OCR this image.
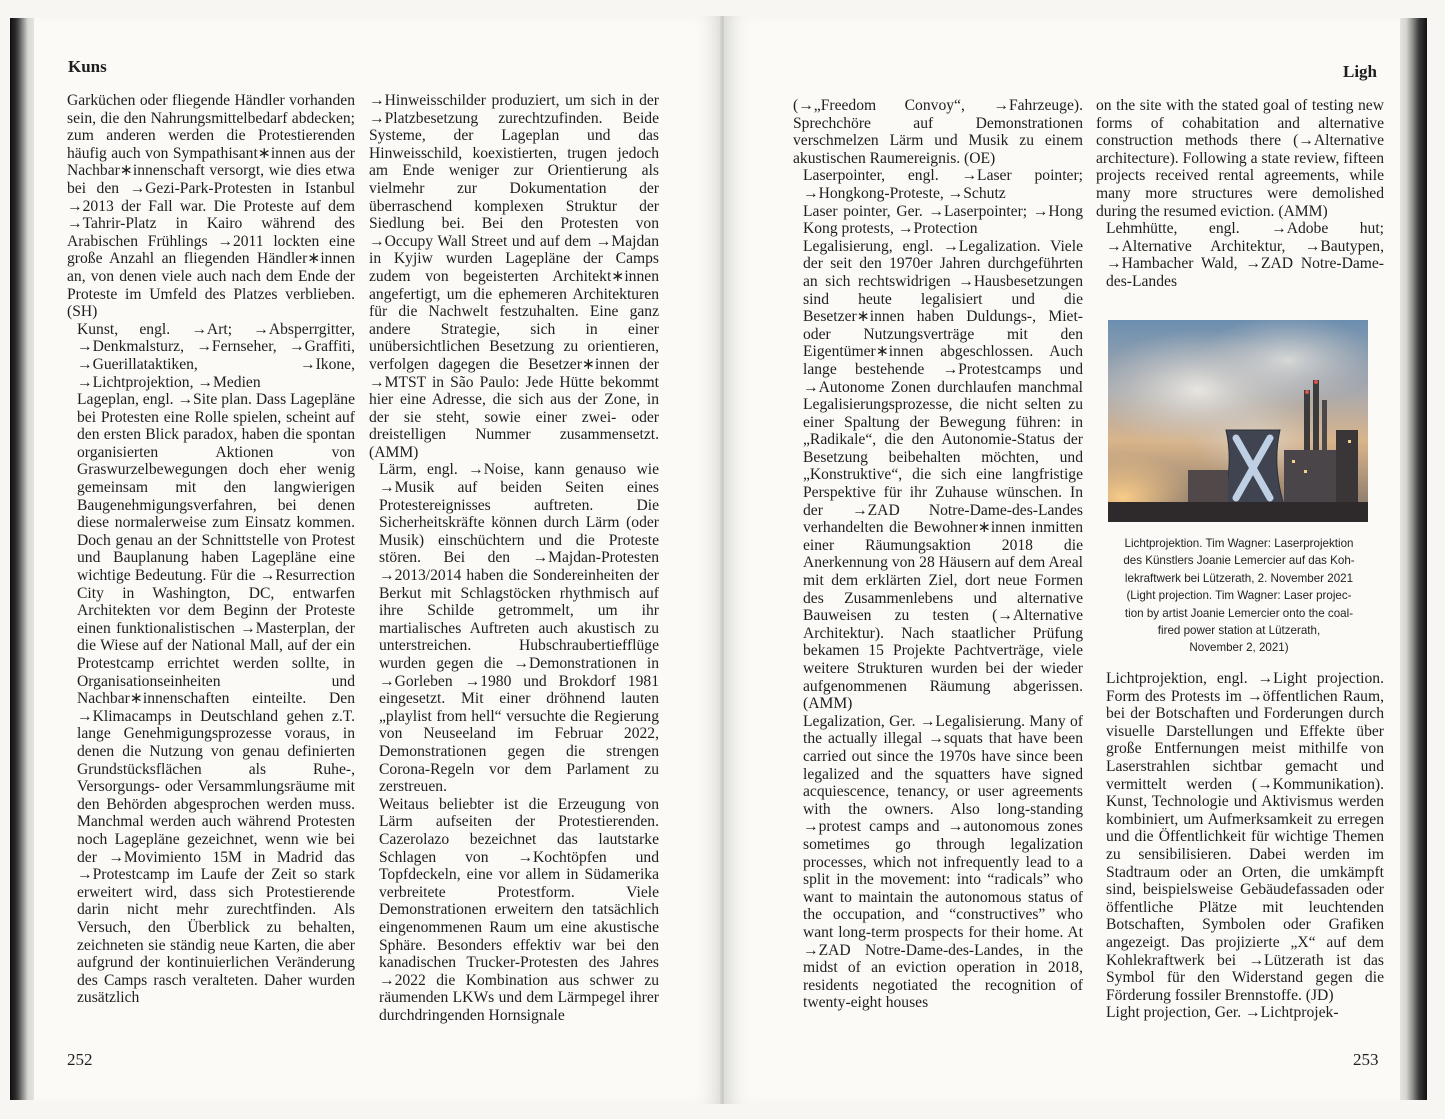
Kuns

Garküchen oder fliegende Händler vorhanden sein, die den Nahrungsmittelbedarf abdecken; zum anderen werden die Protestierenden häufig auch von Sympathisant∗innen aus der Nachbar∗innenschaft versorgt, wie dies etwa bei den →Gezi-Park-Protesten in Istanbul →2013 der Fall war. Die Proteste auf dem →Tahrir-Platz in Kairo während des Arabischen Frühlings →2011 lockten eine große Anzahl an fliegenden Händler∗innen an, von denen viele auch nach dem Ende der Proteste im Umfeld des Platzes verblieben. (SH)

Kunst, engl. →Art; →Absperrgitter, →Denkmalsturz, →Fernseher, →Graffiti, →Guerillataktiken, →Ikone, →Lichtprojektion, →Medien

Lageplan, engl. →Site plan. Dass Lagepläne bei Protesten eine Rolle spielen, scheint auf den ersten Blick paradox, haben die spontan organisierten Aktionen von Graswurzelbewegungen doch eher wenig gemeinsam mit den langwierigen Baugenehmigungsverfahren, bei denen diese normalerweise zum Einsatz kommen. Doch genau an der Schnittstelle von Protest und Bauplanung haben Lagepläne eine wichtige Bedeutung. Für die →Resurrection City in Washington, DC, entwarfen Architekten vor dem Beginn der Proteste einen funktionalistischen →Masterplan, der die Wiese auf der National Mall, auf der ein Protestcamp errichtet werden sollte, in Organisationseinheiten und Nachbar∗innenschaften einteilte. Den →Klimacamps in Deutschland gehen z.T. lange Genehmigungsprozesse voraus, in denen die Nutzung von genau definierten Grundstücksflächen als Ruhe-, Versorgungs- oder Versammlungsräume mit den Behörden abgesprochen werden muss. Manchmal werden auch während Protesten noch Lagepläne gezeichnet, wenn wie bei der →Movimiento 15M in Madrid das →Protestcamp im Laufe der Zeit so stark erweitert wird, dass sich Protestierende darin nicht mehr zurechtfinden. Als Versuch, den Überblick zu behalten, zeichneten sie ständig neue Karten, die aber aufgrund der kontinuierlichen Veränderung des Camps rasch veralteten. Daher wurden zusätzlich

→Hinweisschilder produziert, um sich in der →Platzbesetzung zurechtzufinden. Beide Systeme, der Lageplan und das Hinweisschild, koexistierten, trugen jedoch am Ende weniger zur Orientierung als vielmehr zur Dokumentation der überraschend komplexen Struktur der Siedlung bei. Bei den Protesten von →Occupy Wall Street und auf dem →Majdan in Kyjiw wurden Lagepläne der Camps zudem von begeisterten Architekt∗innen angefertigt, um die ephemeren Architekturen für die Nachwelt festzuhalten. Eine ganz andere Strategie, sich in einer unübersichtlichen Besetzung zu orientieren, verfolgen dagegen die Besetzer∗innen der →MTST in São Paulo: Jede Hütte bekommt hier eine Adresse, die sich aus der Zone, in der sie steht, sowie einer zwei- oder dreistelligen Nummer zusammensetzt. (AMM)

Lärm, engl. →Noise, kann genauso wie →Musik auf beiden Seiten eines Protestereignisses auftreten. Die Sicherheitskräfte können durch Lärm (oder Musik) einschüchtern und die Proteste stören. Bei den →Majdan-Protesten →2013/2014 haben die Sondereinheiten der Berkut mit Schlagstöcken rhythmisch auf ihre Schilde getrommelt, um ihr martialisches Auftreten auch akustisch zu unterstreichen. Hubschraubertiefflüge wurden gegen die →Demonstrationen in →Gorleben →1980 und Brokdorf 1981 eingesetzt. Mit einer dröhnend lauten „playlist from hell“ versuchte die Regierung von Neuseeland im Februar 2022, Demonstrationen gegen die strengen Corona-Regeln vor dem Parlament zu zerstreuen.

Weitaus beliebter ist die Erzeugung von Lärm aufseiten der Protestierenden. Cazerolazo bezeichnet das lautstarke Schlagen von →Kochtöpfen und Topfdeckeln, eine vor allem in Südamerika verbreitete Protestform. Viele Demonstrationen erweitern den tatsächlich eingenommenen Raum um eine akustische Sphäre. Besonders effektiv war bei den kanadischen Trucker-Protesten des Jahres →2022 die Kombination aus schwer zu räumenden LKWs und dem Lärmpegel ihrer durchdringenden Hornsignale

252
Ligh

(→„Freedom Convoy“, →Fahrzeuge). Sprechchöre auf Demonstrationen verschmelzen Lärm und Musik zu einem akustischen Raumereignis. (OE)

Laserpointer, engl. →Laser pointer; →Hongkong-Proteste, →Schutz

Laser pointer, Ger. →Laserpointer; →Hong Kong protests, →Protection

Legalisierung, engl. →Legalization. Viele der seit den 1970er Jahren durchgeführten an sich rechtswidrigen →Hausbesetzungen sind heute legalisiert und die Besetzer∗innen haben Duldungs-, Miet- oder Nutzungsverträge mit den Eigentümer∗innen abgeschlossen. Auch lange bestehende →Protestcamps und →Autonome Zonen durchlaufen manchmal Legalisierungsprozesse, die nicht selten zu einer Spaltung der Bewegung führen: in „Radikale“, die den Autonomie-Status der Besetzung beibehalten möchten, und „Konstruktive“, die sich eine langfristige Perspektive für ihr Zuhause wünschen. In der →ZAD Notre-Dame-des-Landes verhandelten die Bewohner∗innen inmitten einer Räumungsaktion 2018 die Anerkennung von 28 Häusern auf dem Areal mit dem erklärten Ziel, dort neue Formen des Zusammenlebens und alternative Bauweisen zu testen (→Alternative Architektur). Nach staatlicher Prüfung bekamen 15 Projekte Pachtverträge, viele weitere Strukturen wurden bei der wieder aufgenommenen Räumung abgerissen. (AMM)

Legalization, Ger. →Legalisierung. Many of the actually illegal →squats that have been carried out since the 1970s have since been legalized and the squatters have signed acquiescence, tenancy, or user agreements with the owners. Also long-standing →protest camps and →autonomous zones sometimes go through legalization processes, which not infrequently lead to a split in the movement: into “radicals” who want to maintain the autonomous status of the occupation, and “constructives” who want long-term prospects for their home. At →ZAD Notre-Dame-des-Landes, in the midst of an eviction operation in 2018, residents negotiated the recognition of twenty-eight houses

on the site with the stated goal of testing new forms of cohabitation and alternative construction methods there (→Alternative architecture). Following a state review, fifteen projects received rental agreements, while many more structures were demolished during the resumed eviction. (AMM)

Lehmhütte, engl. →Adobe hut; →Alternative Architektur, →Bautypen, →Hambacher Wald, →ZAD Notre-Dame-des-Landes

Lichtprojektion. Tim Wagner: Laserprojektion
des Künstlers Joanie Lemercier auf das Koh-
lekraftwerk bei Lützerath, 2. November 2021
(Light projection. Tim Wagner: Laser projec-
tion by artist Joanie Lemercier onto the coal-
fired power station at Lützerath,
November 2, 2021)

Lichtprojektion, engl. →Light projection. Form des Protests im →öffentlichen Raum, bei der Botschaften und Forderungen durch visuelle Darstellungen und Effekte über große Entfernungen meist mithilfe von Laserstrahlen sichtbar gemacht und vermittelt werden (→Kommunikation). Kunst, Technologie und Aktivismus werden kombiniert, um Aufmerksamkeit zu erregen und die Öffentlichkeit für wichtige Themen zu sensibilisieren. Dabei werden im Stadtraum oder an Orten, die umkämpft sind, beispielsweise Gebäudefassaden oder öffentliche Plätze mit leuchtenden Botschaften, Symbolen oder Grafiken angezeigt. Das projizierte „X“ auf dem Kohlekraftwerk bei →Lützerath ist das Symbol für den Widerstand gegen die Förderung fossiler Brennstoffe. (JD)

Light projection, Ger. →Lichtprojek-

253
